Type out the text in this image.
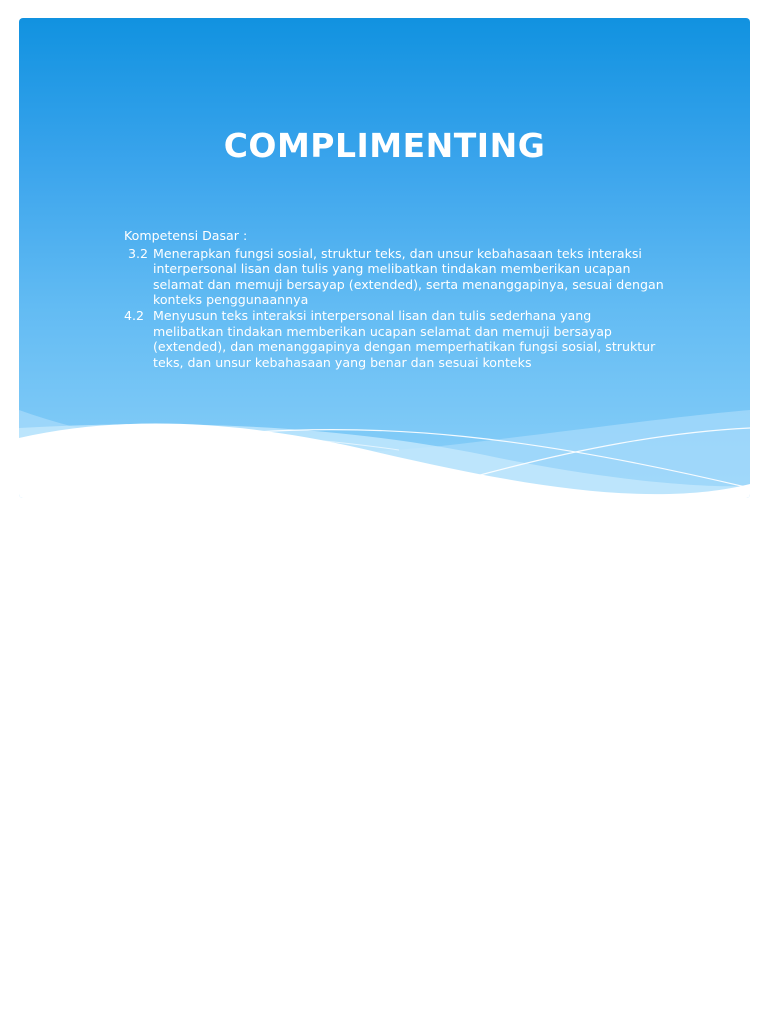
COMPLIMENTING

Kompetensi Dasar :

3.2 Menerapkan fungsi sosial, struktur teks, dan unsur kebahasaan teks interaksi interpersonal lisan dan tulis yang melibatkan tindakan memberikan ucapan selamat dan memuji bersayap (extended), serta menanggapinya, sesuai dengan konteks penggunaannya

4.2 Menyusun teks interaksi interpersonal lisan dan tulis sederhana yang melibatkan tindakan memberikan ucapan selamat dan memuji bersayap (extended), dan menanggapinya dengan memperhatikan fungsi sosial, struktur teks, dan unsur kebahasaan yang benar dan sesuai konteks
